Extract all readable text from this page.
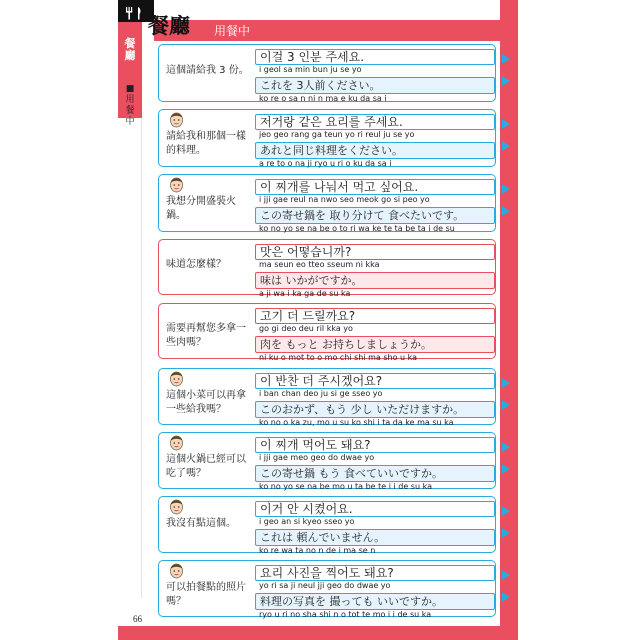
餐廳
■用餐中
餐廳 用餐中
這個請給我 3 份。
이걸 3 인분 주세요.
i geol sa min bun ju se yo
これを 3人前ください。
ko re o sa n ni n ma e ku da sa i
請給我和那個一樣的料理。
저거랑 같은 요리를 주세요.
jeo geo rang ga teun yo ri reul ju se yo
あれと同じ料理をください。
a re to o na ji ryo u ri o ku da sa i
我想分開盛裝火鍋。
이 찌개를 나눠서 먹고 싶어요.
i jji gae reul na nwo seo meok go si peo yo
この寄せ鍋を 取り分けて 食べたいです。
ko no yo se na be o to ri wa ke te ta be ta i de su
味道怎麼樣？
맛은 어떻습니까?
ma seun eo tteo sseum ni kka
味は いかがですか。
a ji wa i ka ga de su ka
需要再幫您多拿一些肉嗎？
고기 더 드릴까요?
go gi deo deu ril kka yo
肉を もっと お持ちしましょうか。
ni ku o mot to o mo chi shi ma sho u ka
這個小菜可以再拿一些給我嗎？
이 반찬 더 주시겠어요?
i ban chan deo ju si ge sseo yo
このおかず、もう 少し いただけますか。
ko no o ka zu, mo u su ko shi i ta da ke ma su ka
這個火鍋已經可以吃了嗎？
이 찌개 먹어도 돼요?
i jji gae meo geo do dwae yo
この寄せ鍋 もう 食べていいですか。
ko no yo se na be mo u ta be te i i de su ka
我沒有點這個。
이거 안 시켰어요.
i geo an si kyeo sseo yo
これは 頼んでいません。
ko re wa ta no n de i ma se n
可以拍餐點的照片嗎？
요리 사진을 찍어도 돼요?
yo ri sa ji neul jji geo do dwae yo
料理の写真を 撮っても いいですか。
ryo u ri no sha shi n o tot te mo i i de su ka
66
